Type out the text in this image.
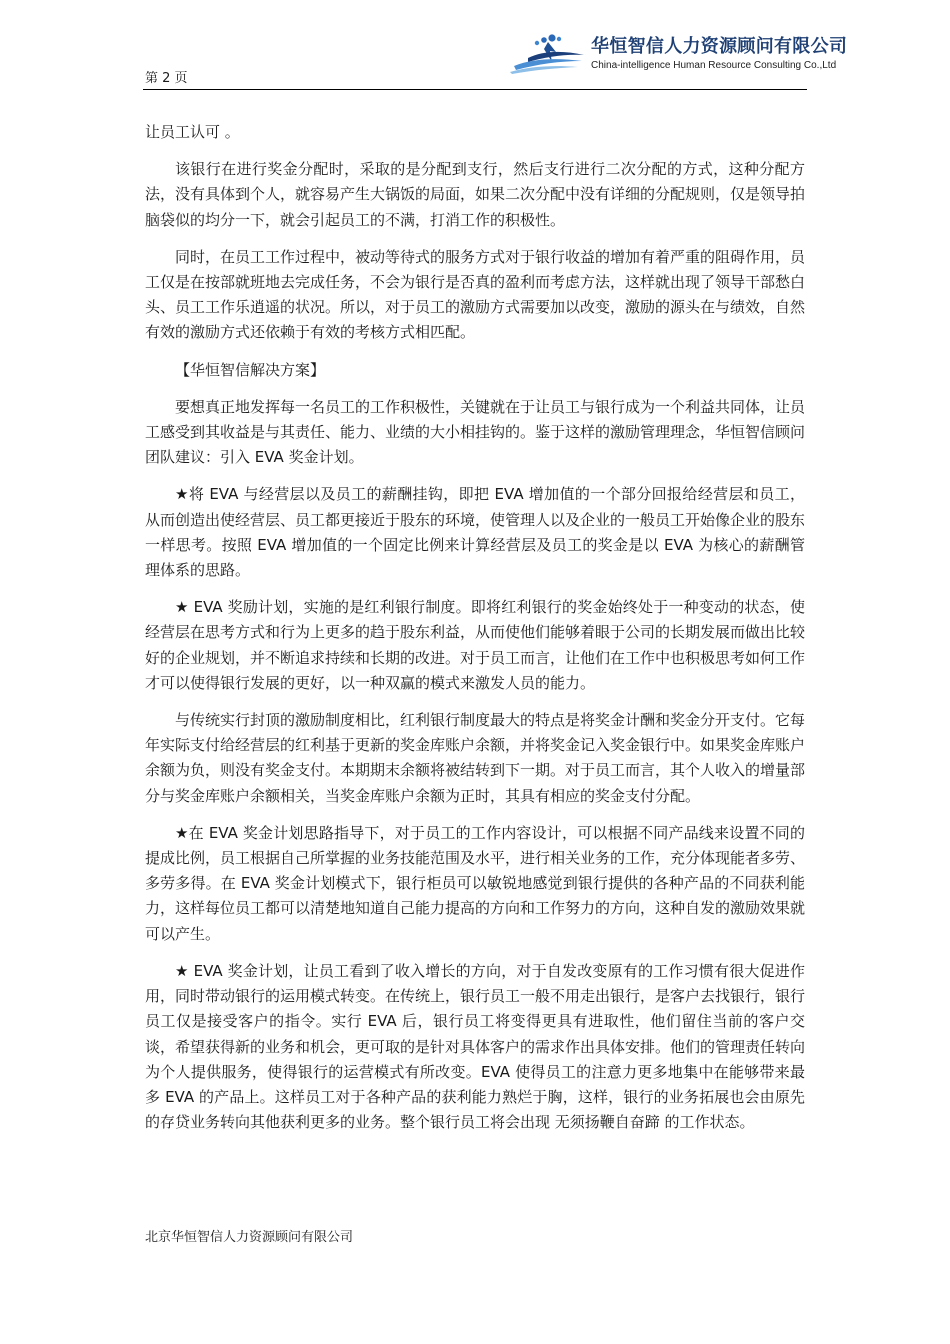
第 2 页
华恒智信人力资源顾问有限公司
China-intelligence Human Resource Consulting Co.,Ltd

让员工认可 。

该银行在进行奖金分配时，采取的是分配到支行，然后支行进行二次分配的方式，这种分配方法，没有具体到个人，就容易产生大锅饭的局面，如果二次分配中没有详细的分配规则，仅是领导拍脑袋似的均分一下，就会引起员工的不满，打消工作的积极性。

同时，在员工工作过程中，被动等待式的服务方式对于银行收益的增加有着严重的阻碍作用，员工仅是在按部就班地去完成任务，不会为银行是否真的盈利而考虑方法，这样就出现了领导干部愁白头、员工工作乐逍遥的状况。所以，对于员工的激励方式需要加以改变，激励的源头在与绩效，自然有效的激励方式还依赖于有效的考核方式相匹配。

【华恒智信解决方案】

要想真正地发挥每一名员工的工作积极性，关键就在于让员工与银行成为一个利益共同体，让员工感受到其收益是与其责任、能力、业绩的大小相挂钩的。鉴于这样的激励管理理念，华恒智信顾问团队建议：引入 EVA 奖金计划。

★将 EVA 与经营层以及员工的薪酬挂钩，即把 EVA 增加值的一个部分回报给经营层和员工，从而创造出使经营层、员工都更接近于股东的环境，使管理人以及企业的一般员工开始像企业的股东一样思考。按照 EVA 增加值的一个固定比例来计算经营层及员工的奖金是以 EVA 为核心的薪酬管理体系的思路。

★ EVA 奖励计划，实施的是红利银行制度。即将红利银行的奖金始终处于一种变动的状态，使经营层在思考方式和行为上更多的趋于股东利益，从而使他们能够着眼于公司的长期发展而做出比较好的企业规划，并不断追求持续和长期的改进。对于员工而言，让他们在工作中也积极思考如何工作才可以使得银行发展的更好，以一种双赢的模式来激发人员的能力。

与传统实行封顶的激励制度相比，红利银行制度最大的特点是将奖金计酬和奖金分开支付。它每年实际支付给经营层的红利基于更新的奖金库账户余额，并将奖金记入奖金银行中。如果奖金库账户余额为负，则没有奖金支付。本期期末余额将被结转到下一期。对于员工而言，其个人收入的增量部分与奖金库账户余额相关，当奖金库账户余额为正时，其具有相应的奖金支付分配。

★在 EVA 奖金计划思路指导下，对于员工的工作内容设计，可以根据不同产品线来设置不同的提成比例，员工根据自己所掌握的业务技能范围及水平，进行相关业务的工作，充分体现能者多劳、多劳多得。在 EVA 奖金计划模式下，银行柜员可以敏锐地感觉到银行提供的各种产品的不同获利能力，这样每位员工都可以清楚地知道自己能力提高的方向和工作努力的方向，这种自发的激励效果就可以产生。

★ EVA 奖金计划，让员工看到了收入增长的方向，对于自发改变原有的工作习惯有很大促进作用，同时带动银行的运用模式转变。在传统上，银行员工一般不用走出银行，是客户去找银行，银行员工仅是接受客户的指令。实行 EVA 后，银行员工将变得更具有进取性，他们留住当前的客户交谈，希望获得新的业务和机会，更可取的是针对具体客户的需求作出具体安排。他们的管理责任转向为个人提供服务，使得银行的运营模式有所改变。EVA 使得员工的注意力更多地集中在能够带来最多 EVA 的产品上。这样员工对于各种产品的获利能力熟烂于胸，这样，银行的业务拓展也会由原先的存贷业务转向其他获利更多的业务。整个银行员工将会出现 无须扬鞭自奋蹄 的工作状态。

北京华恒智信人力资源顾问有限公司
